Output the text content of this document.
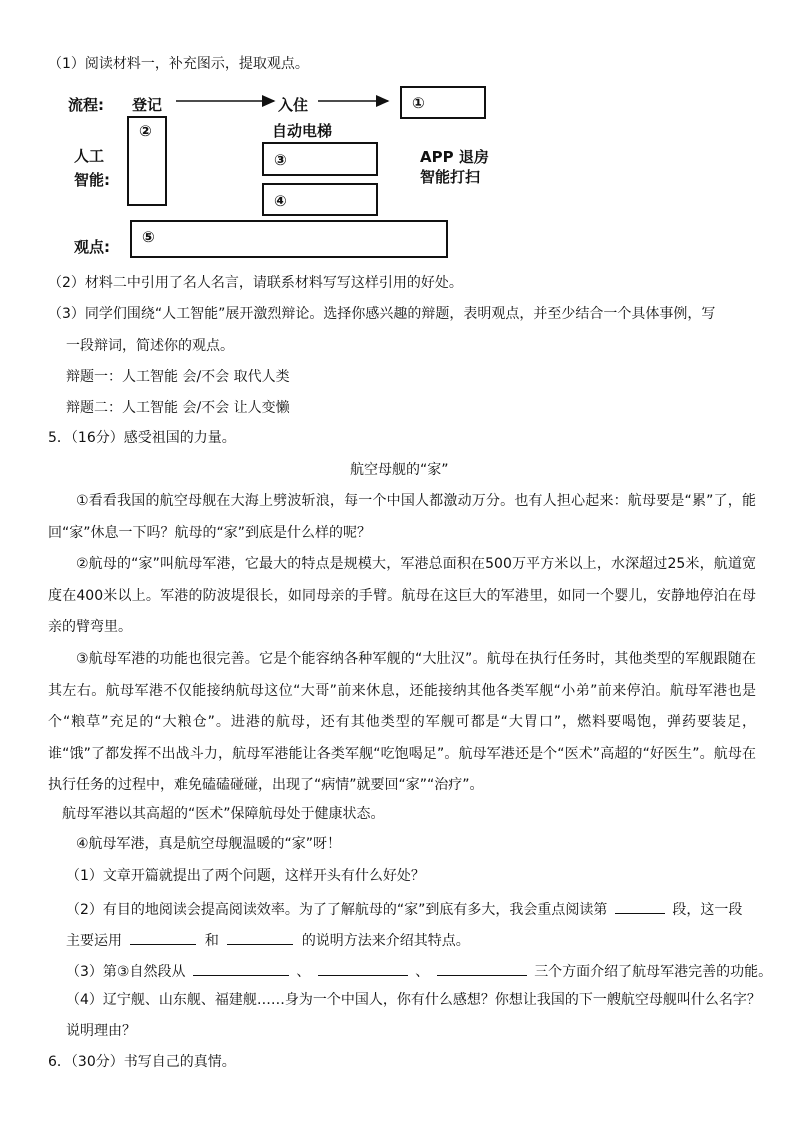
（1）阅读材料一，补充图示，提取观点。
流程: 登记	入住	①
人工
智能:
②	自动电梯
③	APP 退房
智能打扫
④
观点:
⑤
（2）材料二中引用了名人名言，请联系材料写写这样引用的好处。
（3）同学们围绕“人工智能”展开激烈辩论。选择你感兴趣的辩题，表明观点，并至少结合一个具体事例，写
一段辩词，简述你的观点。
辩题一：人工智能 会/不会 取代人类
辩题二：人工智能 会/不会 让人变懒
5．（16分）感受祖国的力量。
航空母舰的“家”
①看看我国的航空母舰在大海上劈波斩浪，每一个中国人都激动万分。也有人担心起来：航母要是“累”了，能回“家”休息一下吗？航母的“家”到底是什么样的呢？
②航母的“家”叫航母军港，它最大的特点是规模大，军港总面积在500万平方米以上，水深超过25米，航道宽度在400米以上。军港的防波堤很长，如同母亲的手臂。航母在这巨大的军港里，如同一个婴儿，安静地停泊在母亲的臂弯里。
③航母军港的功能也很完善。它是个能容纳各种军舰的“大肚汉”。航母在执行任务时，其他类型的军舰跟随在其左右。航母军港不仅能接纳航母这位“大哥”前来休息，还能接纳其他各类军舰“小弟”前来停泊。航母军港也是个“粮草”充足的“大粮仓”。进港的航母，还有其他类型的军舰可都是“大胃口”，燃料要喝饱，弹药要装足，谁“饿”了都发挥不出战斗力，航母军港能让各类军舰“吃饱喝足”。航母军港还是个“医术”高超的“好医生”。航母在执行任务的过程中，难免磕磕碰碰，出现了“病情”就要回“家”“治疗”。
航母军港以其高超的“医术”保障航母处于健康状态。
④航母军港，真是航空母舰温暖的“家”呀！
（1）文章开篇就提出了两个问题，这样开头有什么好处？
（2）有目的地阅读会提高阅读效率。为了了解航母的“家”到底有多大，我会重点阅读第	段，这一段
主要运用	和	的说明方法来介绍其特点。
（3）第③自然段从	、	、	三个方面介绍了航母军港完善的功能。
（4）辽宁舰、山东舰、福建舰……身为一个中国人，你有什么感想？你想让我国的下一艘航空母舰叫什么名字？
说明理由？
6．（30分）书写自己的真情。
